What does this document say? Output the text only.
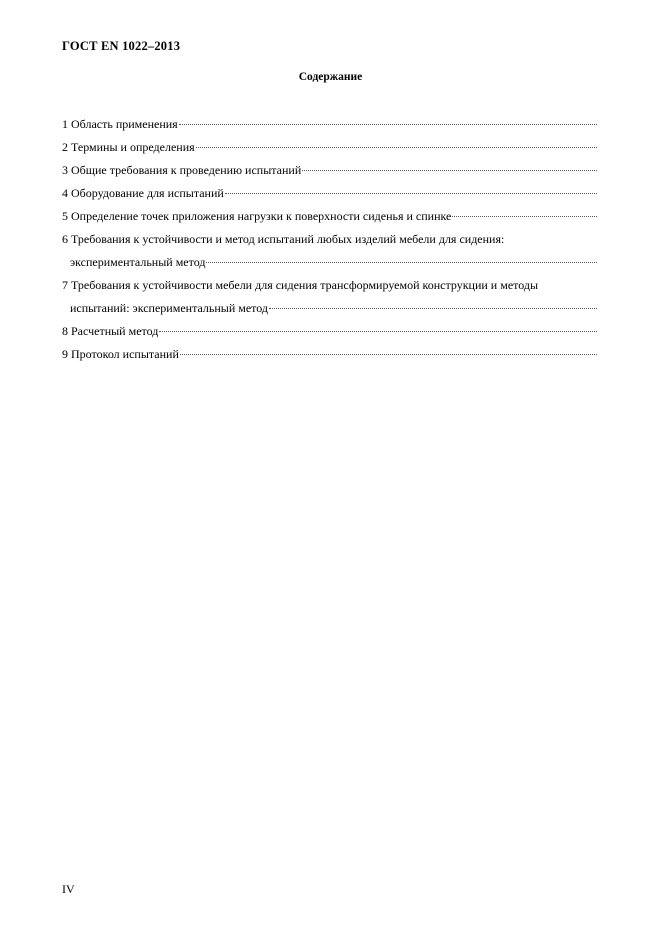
ГОСТ EN 1022–2013
Содержание
1 Область применения
2 Термины и определения
3 Общие требования к проведению испытаний
4 Оборудование для испытаний
5 Определение точек приложения нагрузки к поверхности сиденья и спинке
6 Требования к устойчивости и метод испытаний любых изделий мебели для сидения:
экспериментальный метод
7 Требования к устойчивости мебели для сидения трансформируемой конструкции и методы
испытаний: экспериментальный метод
8 Расчетный метод
9 Протокол испытаний
IV
